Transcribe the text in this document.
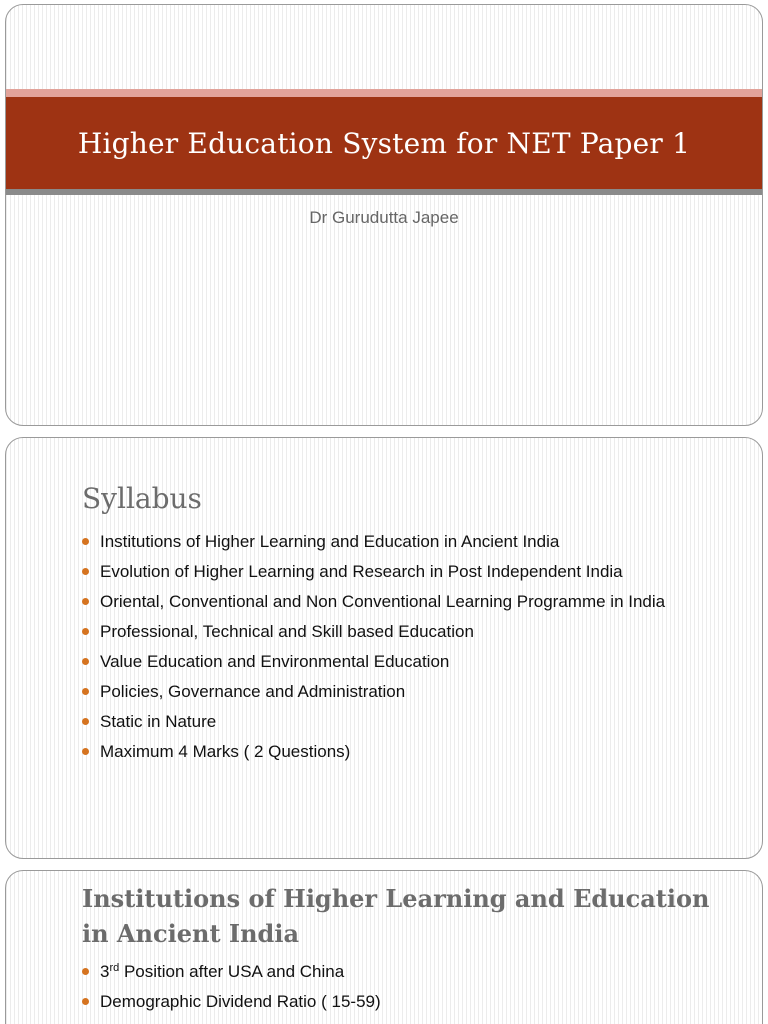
Higher Education System for NET Paper 1
Dr Gurudutta Japee
Syllabus
Institutions of Higher Learning and Education in Ancient India
Evolution of Higher Learning and Research in Post Independent India
Oriental, Conventional and Non Conventional Learning Programme in India
Professional, Technical and Skill based Education
Value Education and Environmental Education
Policies, Governance and Administration
Static in Nature
Maximum 4 Marks ( 2 Questions)
Institutions of Higher Learning and Education in Ancient India
3rd Position after USA and China
Demographic Dividend Ratio ( 15-59)
